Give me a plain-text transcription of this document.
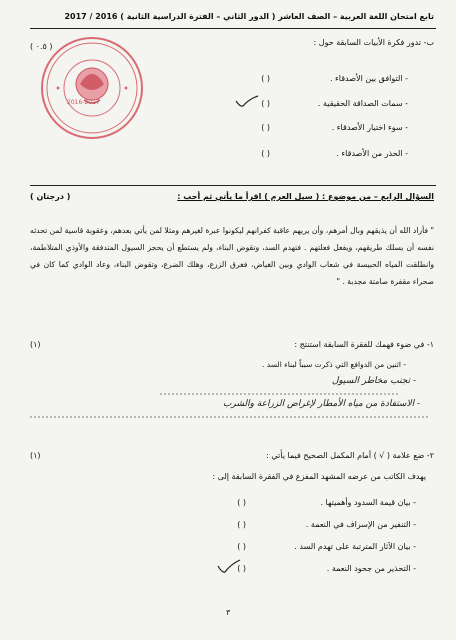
تابع امتحان اللغة العربية – الصف العاشر ( الدور الثاني – الفترة الدراسية الثانية ) 2016 / 2017
ب- تدور فكرة الأبيات السابقة حول :
( ٠.٥ )
- التوافق بين الأصدقاء .
( )
- سمات الصداقة الحقيقية .
( )
- سوء اختيار الأصدقاء .
( )
- الحذر من الأصدقاء .
( )
2016-2017
السؤال الرابع – من موضوع : ( سيل العرم ) اقرأ ما يأتي ثم أجب :
( درجتان )
" فأراد الله أن يذيقهم وبال أمرهم، وأن يريهم عاقبة كفرانهم ليكونوا عبرة لغيرهم ومثلا لمن يأتي بعدهم، وعقوبة قاسية لمن تحدثه نفسه أن يسلك طريقهم، ويفعل فعلتهم . فتهدم السد، وتقوض البناء، ولم يستطع أن يحجز السيول المتدفقة والأوذي المتلاطمة، وانطلقت المياه الحبيسة في شعاب الوادي وبين الغياض، فغرق الزرع، وهلك الضرع، وتقوض البناء، وعاد الوادي كما كان في صحراء مقفرة صامتة مجدبة . "
١- في ضوء فهمك للفقرة السابقة استنتج :
(١)
- اثنين من الدوافع التي ذكرت سبباً لبناء السد .
- تجنب مخاطر السيول
- الاستفادة من مياه الأمطار لإغراض الزراعة والشرب
٢- ضع علامة ( √ ) أمام المكمل الصحيح فيما يأتي :
(١)
يهدف الكاتب من عرضه المشهد المفزع في الفقرة السابقة إلى :
- بيان قيمة السدود وأهميتها .
( )
- التنفير من الإسراف في النعمة .
( )
- بيان الآثار المترتبة على تهدم السد .
( )
- التحذير من جحود النعمة .
( )
٣
